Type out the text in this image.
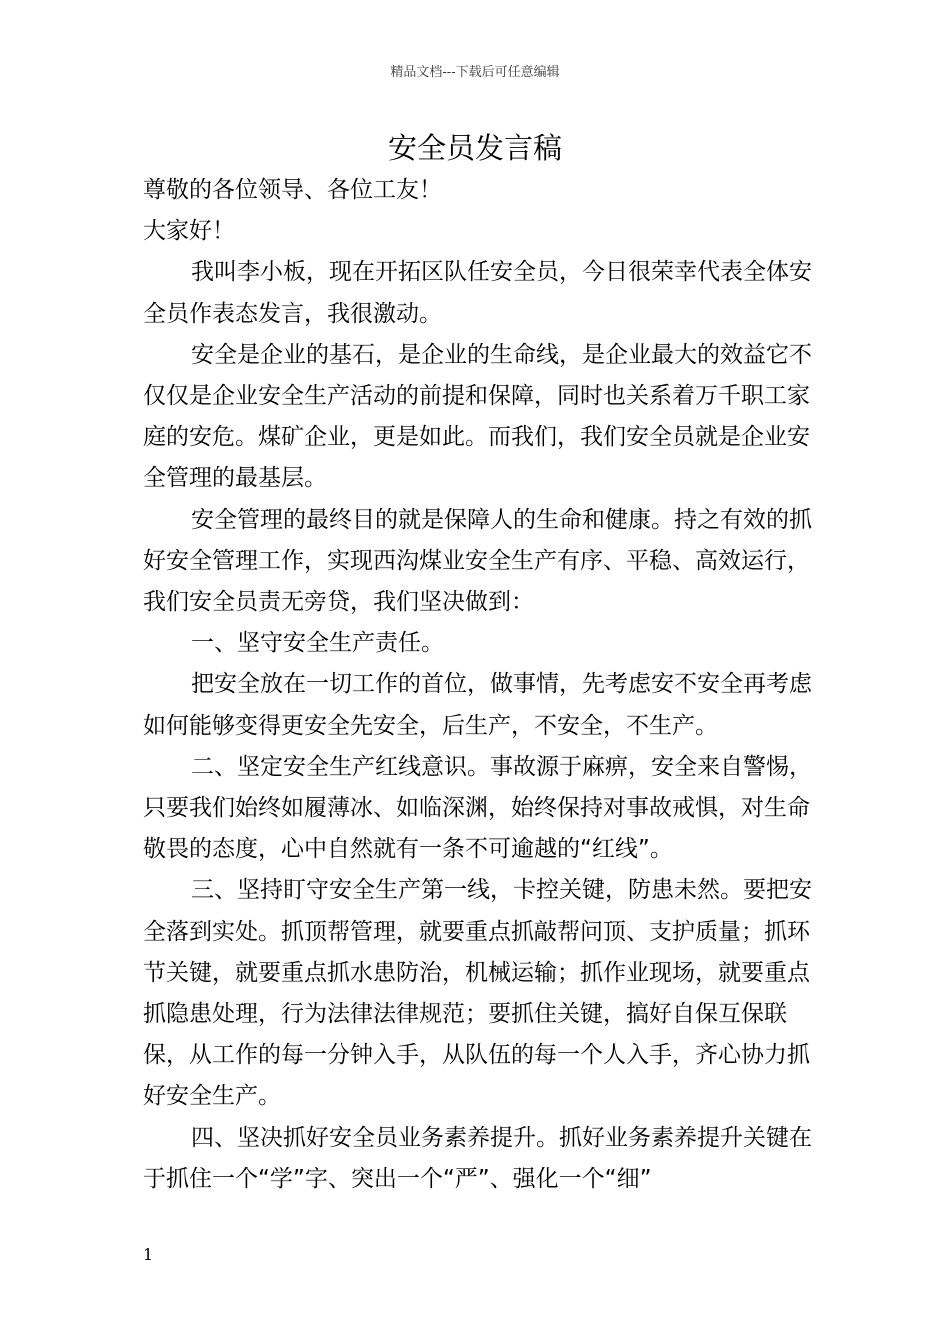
精品文档---下载后可任意编辑
安全员发言稿

尊敬的各位领导、各位工友！

大家好！

我叫李小板，现在开拓区队任安全员，今日很荣幸代表全体安全员作表态发言，我很激动。

安全是企业的基石，是企业的生命线，是企业最大的效益它不仅仅是企业安全生产活动的前提和保障，同时也关系着万千职工家庭的安危。煤矿企业，更是如此。而我们，我们安全员就是企业安全管理的最基层。

安全管理的最终目的就是保障人的生命和健康。持之有效的抓好安全管理工作，实现西沟煤业安全生产有序、平稳、高效运行，我们安全员责无旁贷，我们坚决做到：

一、坚守安全生产责任。

把安全放在一切工作的首位，做事情，先考虑安不安全再考虑如何能够变得更安全先安全，后生产，不安全，不生产。

二、坚定安全生产红线意识。事故源于麻痹，安全来自警惕，只要我们始终如履薄冰、如临深渊，始终保持对事故戒惧，对生命敬畏的态度，心中自然就有一条不可逾越的“红线”。

三、坚持盯守安全生产第一线，卡控关键，防患未然。要把安全落到实处。抓顶帮管理，就要重点抓敲帮问顶、支护质量；抓环节关键，就要重点抓水患防治，机械运输；抓作业现场，就要重点抓隐患处理，行为法律法律规范；要抓住关键，搞好自保互保联保，从工作的每一分钟入手，从队伍的每一个人入手，齐心协力抓好安全生产。

四、坚决抓好安全员业务素养提升。抓好业务素养提升关键在于抓住一个“学”字、突出一个“严”、强化一个“细”

1
